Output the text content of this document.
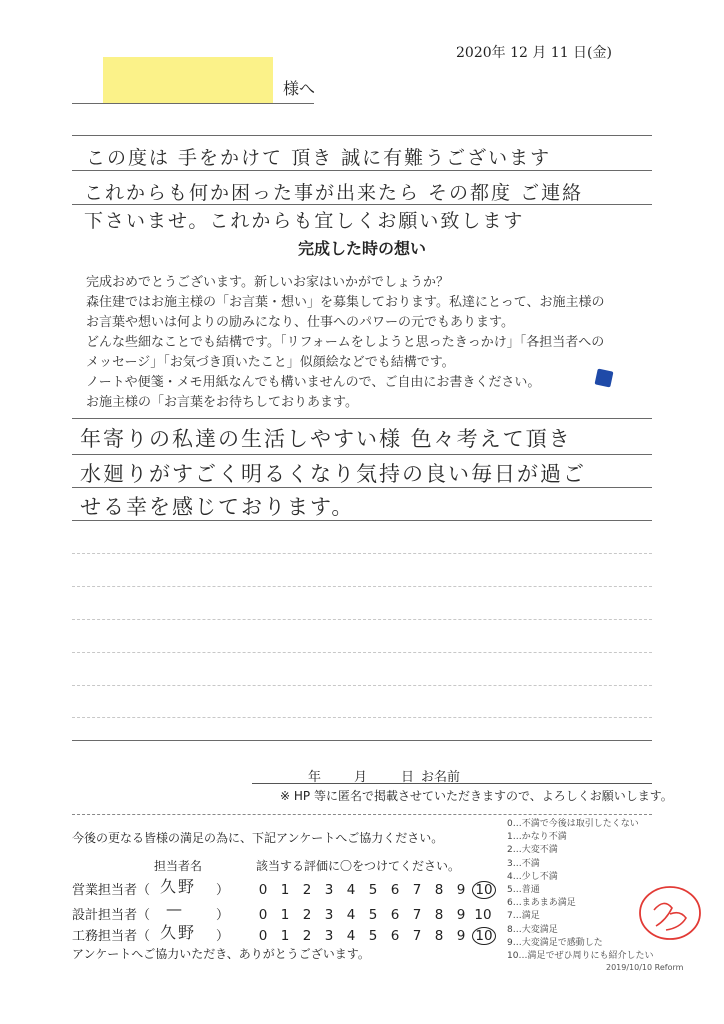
2020年 12 月 11 日(金)
様へ
この度は 手をかけて 頂き 誠に有難うございます
これからも何か困った事が出来たら その都度 ご連絡
下さいませ。これからも宜しくお願い致します
完成した時の想い
完成おめでとうございます。新しいお家はいかがでしょうか？
森住建ではお施主様の「お言葉・想い」を募集しております。私達にとって、お施主様の
お言葉や想いは何よりの励みになり、仕事へのパワーの元でもあります。
どんな些細なことでも結構です。「リフォームをしようと思ったきっかけ」「各担当者への
メッセージ」「お気づき頂いたこと」似顔絵などでも結構です。
ノートや便箋・メモ用紙なんでも構いませんので、ご自由にお書きください。
お施主様の「お言葉をお待ちしておりあます。
年寄りの私達の生活しやすい様 色々考えて頂き
水廻りがすごく明るくなり気持の良い毎日が過ご
せる幸を感じております。
年	月	日 お名前
※ HP 等に匿名で掲載させていただきますので、よろしくお願いします。
今後の更なる皆様の満足の為に、下記アンケートへご協力ください。
担当者名	該当する評価に〇をつけてください。
営業担当者（ 久野 ）	0 1 2 3 4 5 6 7 8 9 10
設計担当者（ — ）	0 1 2 3 4 5 6 7 8 9 10
工務担当者（ 久野 ）	0 1 2 3 4 5 6 7 8 9 10
アンケートへご協力いただき、ありがとうございます。
0…不満で今後は取引したくない
1…かなり不満
2…大変不満
3…不満
4…少し不満
5…普通
6…まあまあ満足
7…満足
8…大変満足
9…大変満足で感動した
10…満足でぜひ周りにも紹介したい
2019/10/10 Reform
